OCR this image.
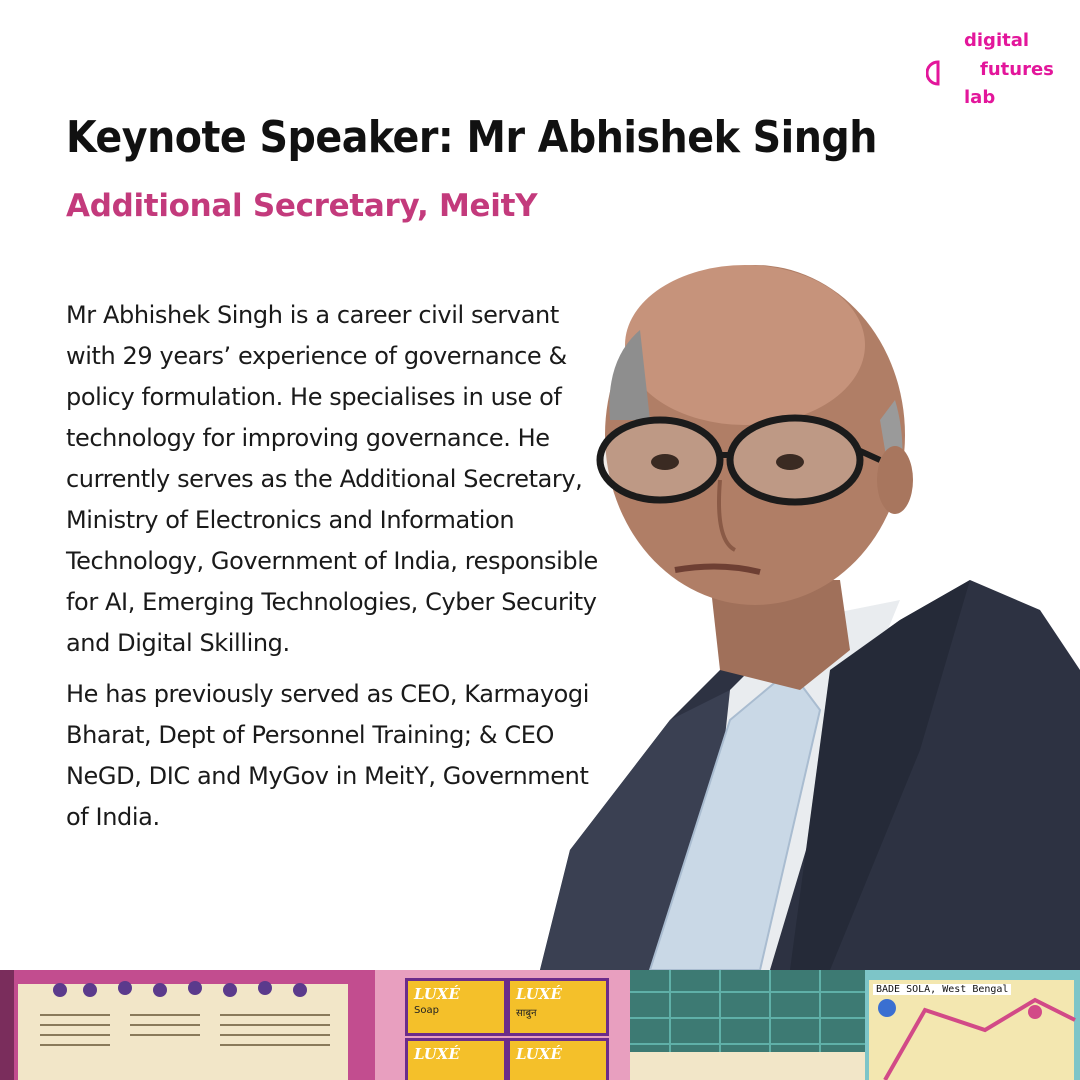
digital
futures
lab
Keynote Speaker: Mr Abhishek Singh
Additional Secretary, MeitY

Mr Abhishek Singh is a career civil servant with 29 years’ experience of governance & policy formulation. He specialises in use of technology for improving governance. He currently serves as the Additional Secretary, Ministry of Electronics and Information Technology, Government of India, responsible for AI, Emerging Technologies, Cyber Security and Digital Skilling.

He has previously served as CEO, Karmayogi Bharat, Dept of Personnel Training; & CEO NeGD, DIC and MyGov in MeitY, Government of India.

LUXÉ
Soap
LUXÉ
साबुन
LUXÉ	LUXÉ
BADE SOLA, West Bengal
